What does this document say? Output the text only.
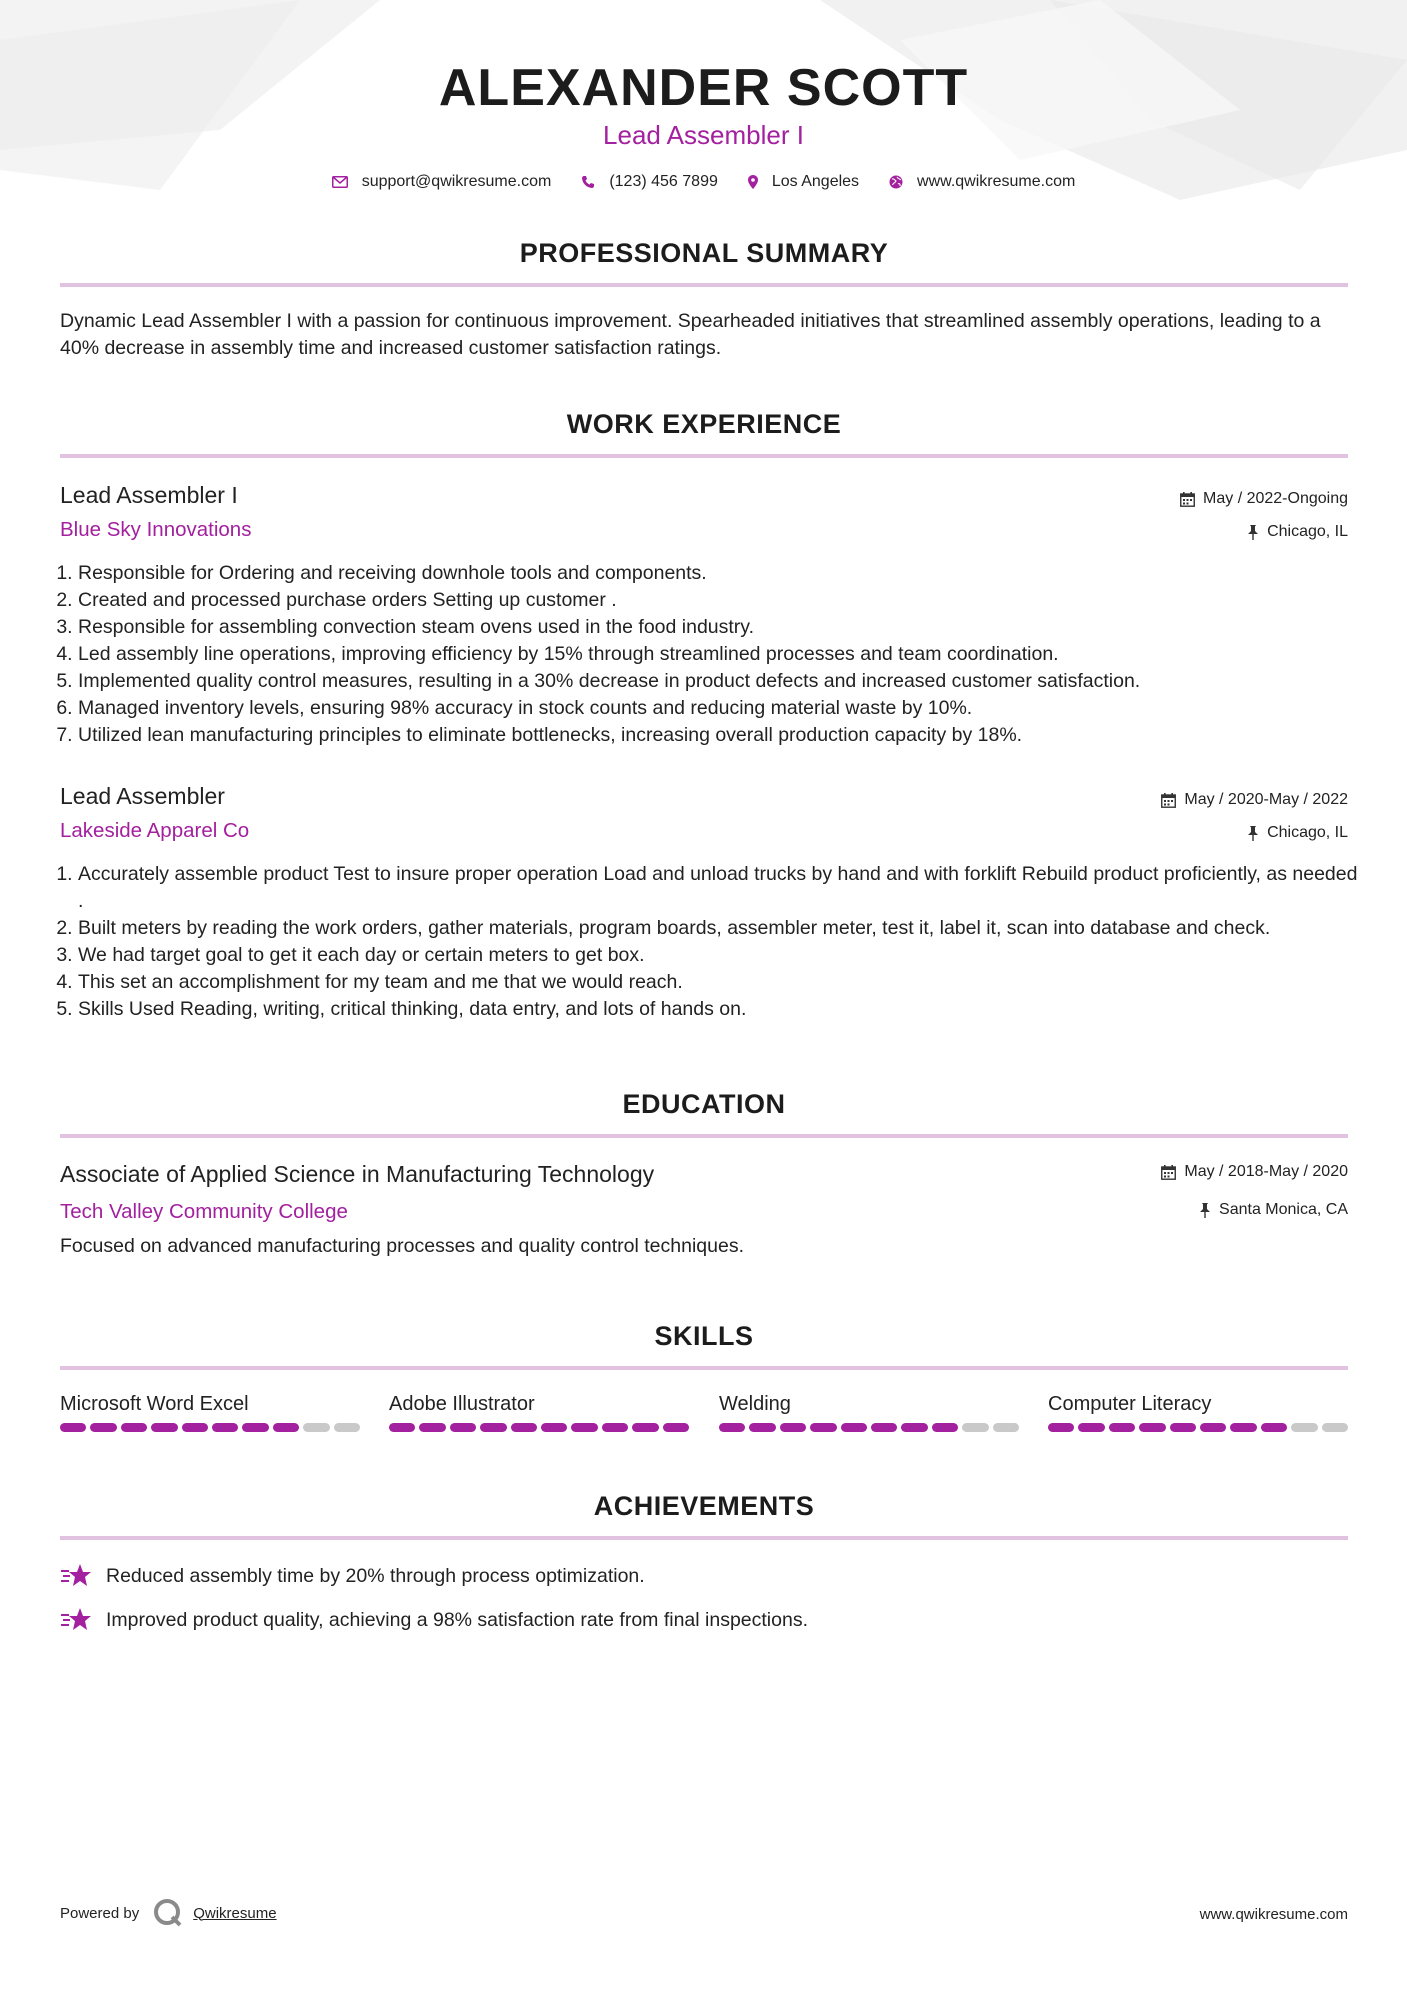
ALEXANDER SCOTT
Lead Assembler I
support@qwikresume.com	(123) 456 7899	Los Angeles	www.qwikresume.com
PROFESSIONAL SUMMARY
Dynamic Lead Assembler I with a passion for continuous improvement. Spearheaded initiatives that streamlined assembly operations, leading to a 40% decrease in assembly time and increased customer satisfaction ratings.
WORK EXPERIENCE
Lead Assembler I
Blue Sky Innovations
May / 2022-Ongoing
Chicago, IL
1. Responsible for Ordering and receiving downhole tools and components.
2. Created and processed purchase orders Setting up customer .
3. Responsible for assembling convection steam ovens used in the food industry.
4. Led assembly line operations, improving efficiency by 15% through streamlined processes and team coordination.
5. Implemented quality control measures, resulting in a 30% decrease in product defects and increased customer satisfaction.
6. Managed inventory levels, ensuring 98% accuracy in stock counts and reducing material waste by 10%.
7. Utilized lean manufacturing principles to eliminate bottlenecks, increasing overall production capacity by 18%.
Lead Assembler
Lakeside Apparel Co
May / 2020-May / 2022
Chicago, IL
1. Accurately assemble product Test to insure proper operation Load and unload trucks by hand and with forklift Rebuild product proficiently, as needed .
2. Built meters by reading the work orders, gather materials, program boards, assembler meter, test it, label it, scan into database and check.
3. We had target goal to get it each day or certain meters to get box.
4. This set an accomplishment for my team and me that we would reach.
5. Skills Used Reading, writing, critical thinking, data entry, and lots of hands on.
EDUCATION
Associate of Applied Science in Manufacturing Technology
Tech Valley Community College
May / 2018-May / 2020
Santa Monica, CA
Focused on advanced manufacturing processes and quality control techniques.
SKILLS
Microsoft Word Excel	Adobe Illustrator	Welding	Computer Literacy
ACHIEVEMENTS
Reduced assembly time by 20% through process optimization.
Improved product quality, achieving a 98% satisfaction rate from final inspections.
Powered by	Qwikresume	www.qwikresume.com
